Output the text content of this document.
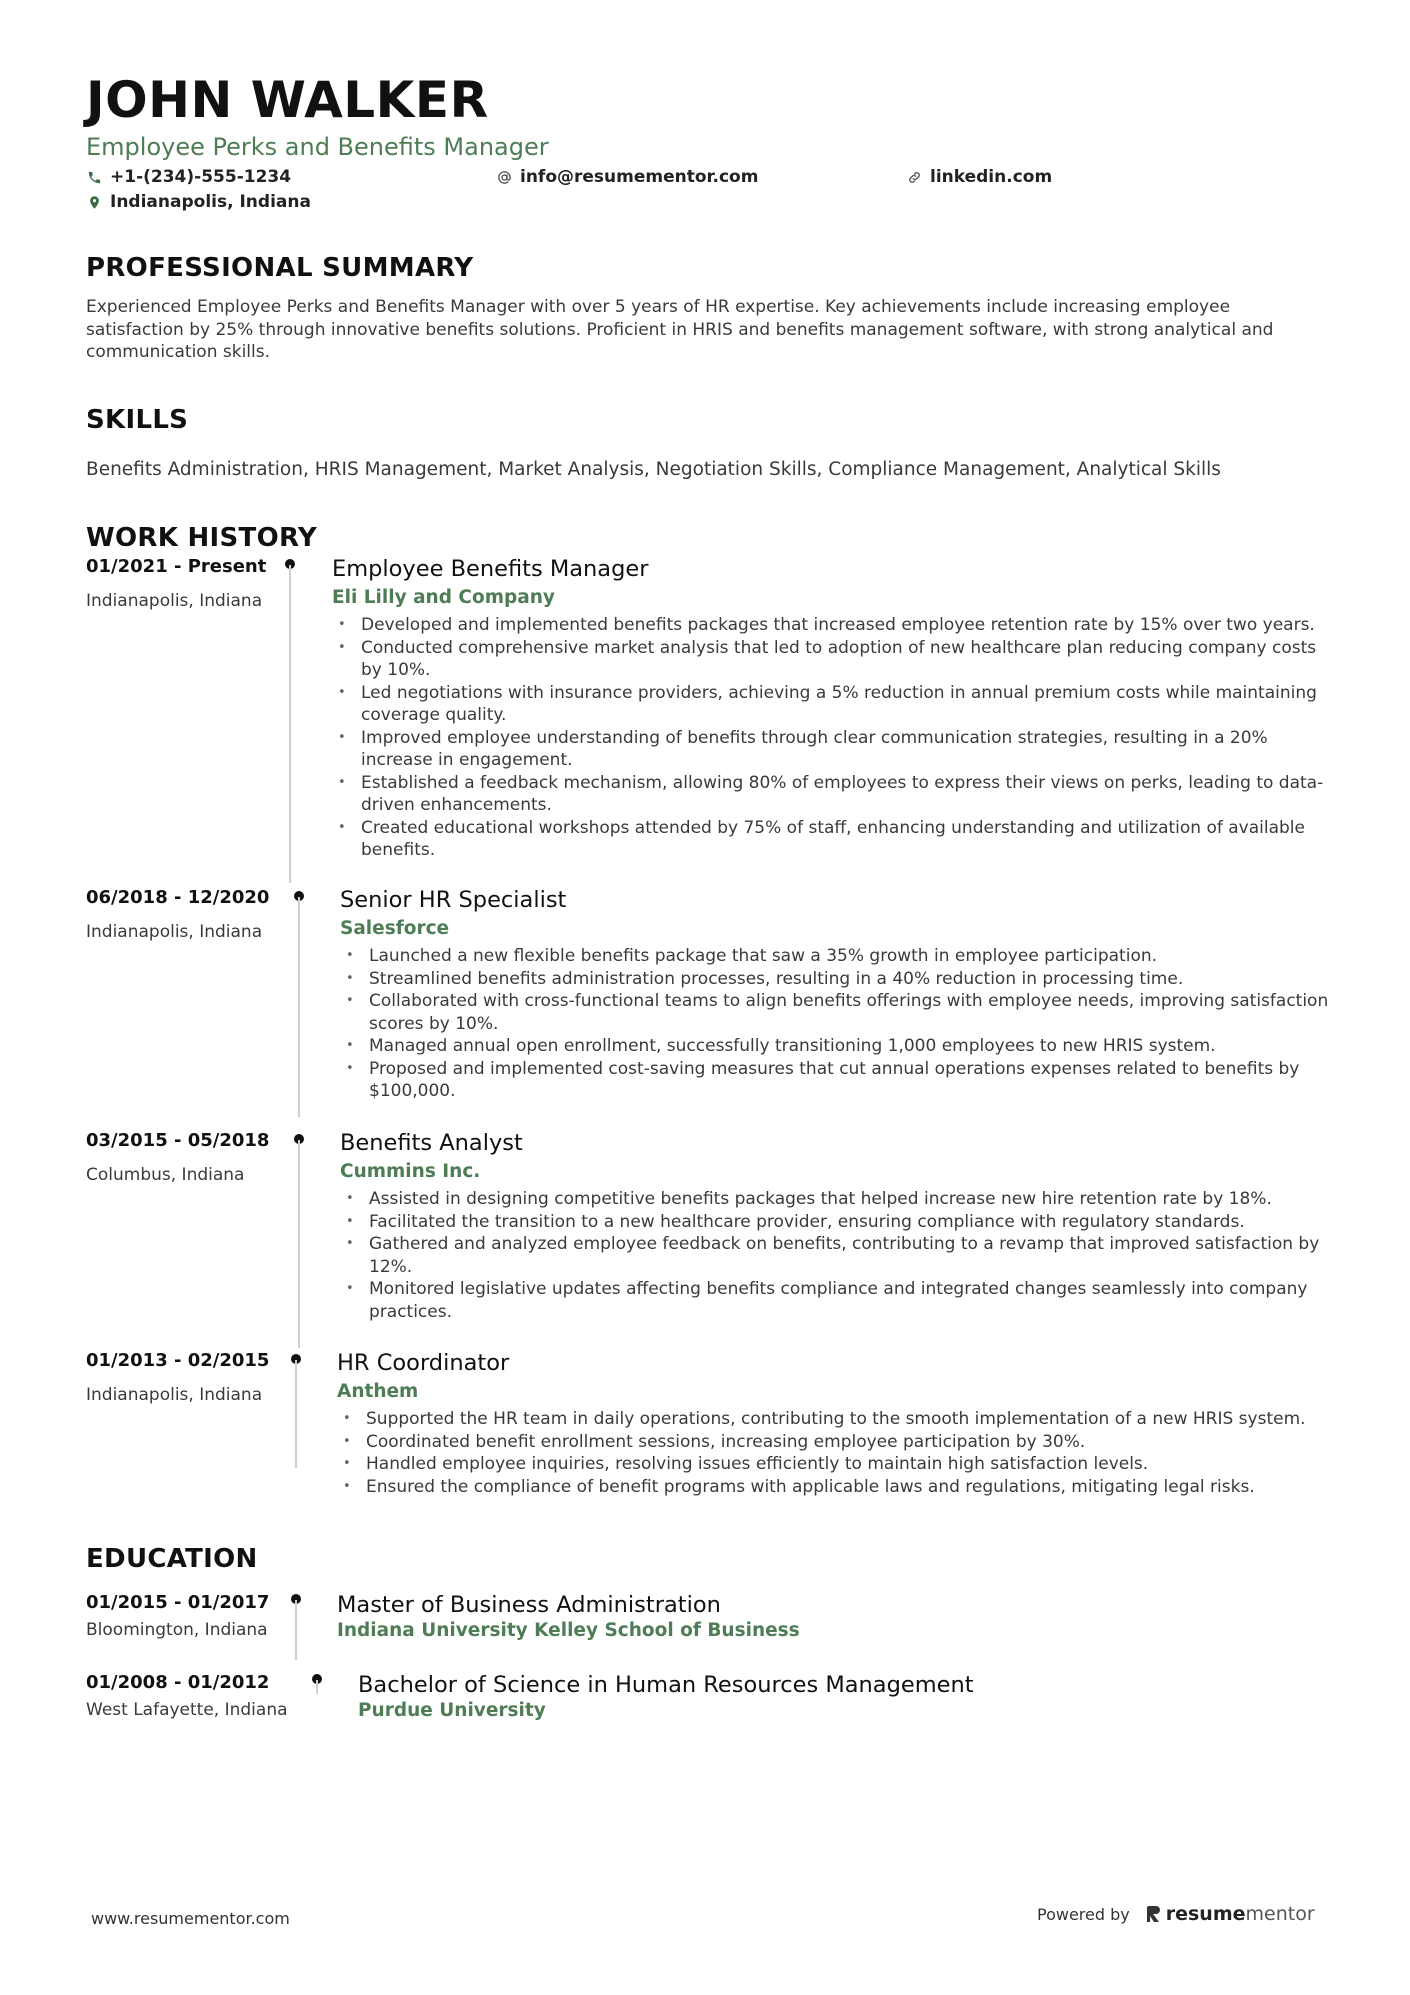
JOHN WALKER
Employee Perks and Benefits Manager
+1-(234)-555-1234	info@resumementor.com	linkedin.com
Indianapolis, Indiana
PROFESSIONAL SUMMARY
Experienced Employee Perks and Benefits Manager with over 5 years of HR expertise. Key achievements include increasing employee satisfaction by 25% through innovative benefits solutions. Proficient in HRIS and benefits management software, with strong analytical and communication skills.
SKILLS
Benefits Administration, HRIS Management, Market Analysis, Negotiation Skills, Compliance Management, Analytical Skills
WORK HISTORY
01/2021 - Present
Indianapolis, Indiana
Employee Benefits Manager
Eli Lilly and Company
• Developed and implemented benefits packages that increased employee retention rate by 15% over two years.
• Conducted comprehensive market analysis that led to adoption of new healthcare plan reducing company costs by 10%.
• Led negotiations with insurance providers, achieving a 5% reduction in annual premium costs while maintaining coverage quality.
• Improved employee understanding of benefits through clear communication strategies, resulting in a 20% increase in engagement.
• Established a feedback mechanism, allowing 80% of employees to express their views on perks, leading to data-driven enhancements.
• Created educational workshops attended by 75% of staff, enhancing understanding and utilization of available benefits.
06/2018 - 12/2020
Indianapolis, Indiana
Senior HR Specialist
Salesforce
• Launched a new flexible benefits package that saw a 35% growth in employee participation.
• Streamlined benefits administration processes, resulting in a 40% reduction in processing time.
• Collaborated with cross-functional teams to align benefits offerings with employee needs, improving satisfaction scores by 10%.
• Managed annual open enrollment, successfully transitioning 1,000 employees to new HRIS system.
• Proposed and implemented cost-saving measures that cut annual operations expenses related to benefits by $100,000.
03/2015 - 05/2018
Columbus, Indiana
Benefits Analyst
Cummins Inc.
• Assisted in designing competitive benefits packages that helped increase new hire retention rate by 18%.
• Facilitated the transition to a new healthcare provider, ensuring compliance with regulatory standards.
• Gathered and analyzed employee feedback on benefits, contributing to a revamp that improved satisfaction by 12%.
• Monitored legislative updates affecting benefits compliance and integrated changes seamlessly into company practices.
01/2013 - 02/2015
Indianapolis, Indiana
HR Coordinator
Anthem
• Supported the HR team in daily operations, contributing to the smooth implementation of a new HRIS system.
• Coordinated benefit enrollment sessions, increasing employee participation by 30%.
• Handled employee inquiries, resolving issues efficiently to maintain high satisfaction levels.
• Ensured the compliance of benefit programs with applicable laws and regulations, mitigating legal risks.
EDUCATION
01/2015 - 01/2017
Bloomington, Indiana
Master of Business Administration
Indiana University Kelley School of Business
01/2008 - 01/2012
West Lafayette, Indiana
Bachelor of Science in Human Resources Management
Purdue University
www.resumementor.com	Powered by resume mentor
